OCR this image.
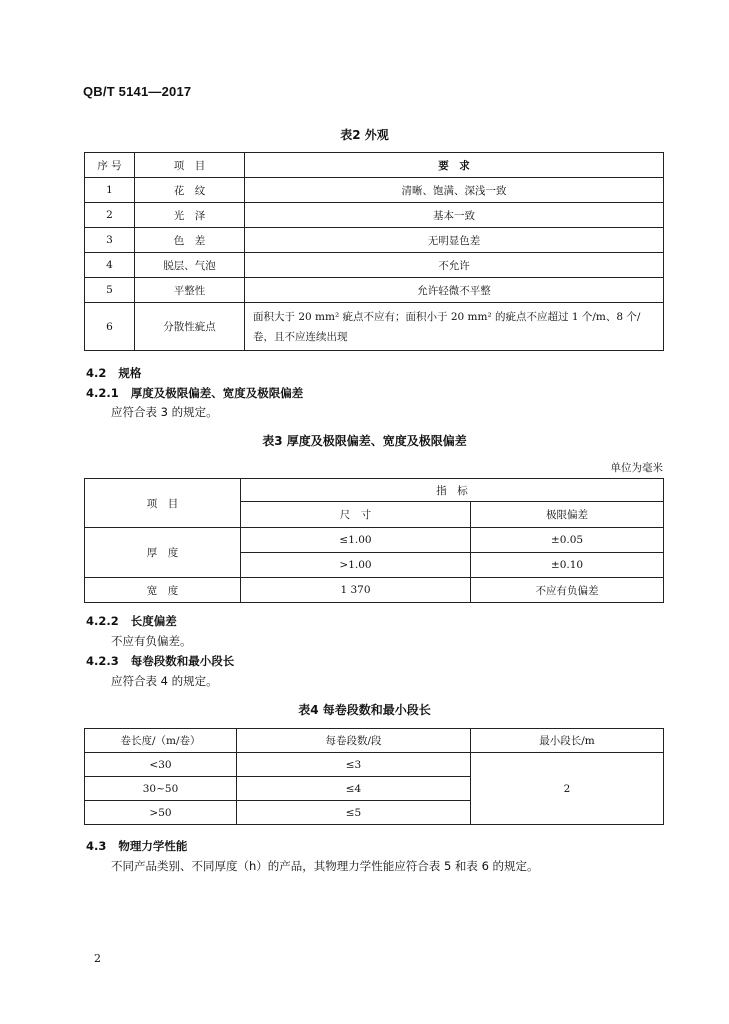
QB/T 5141—2017
表2 外观
序 号	项　目	要　求
1	花　纹	清晰、饱满、深浅一致
2	光　泽	基本一致
3	色　差	无明显色差
4	脱层、气泡	不允许
5	平整性	允许轻微不平整
6	分散性疵点	面积大于 20 mm² 疵点不应有；面积小于 20 mm² 的疵点不应超过 1 个/m、8 个/卷，且不应连续出现
4.2 规格
4.2.1 厚度及极限偏差、宽度及极限偏差
应符合表 3 的规定。
表3 厚度及极限偏差、宽度及极限偏差
单位为毫米
项　目	指　标	
	尺　寸	极限偏差
厚　度	≤1.00	±0.05
	>1.00	±0.10
宽　度	1 370	不应有负偏差
4.2.2 长度偏差
不应有负偏差。
4.2.3 每卷段数和最小段长
应符合表 4 的规定。
表4 每卷段数和最小段长
卷长度/（m/卷）	每卷段数/段	最小段长/m
<30	≤3	2
30~50	≤4	
>50	≤5	
4.3 物理力学性能
不同产品类别、不同厚度（h）的产品，其物理力学性能应符合表 5 和表 6 的规定。
2
